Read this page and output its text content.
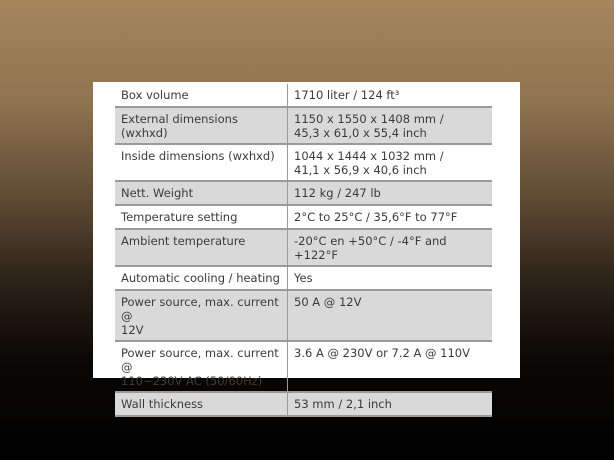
Box volume	1710 liter / 124 ft³
External dimensions (wxhxd)	1150 x 1550 x 1408 mm /
45,3 x 61,0 x 55,4 inch
Inside dimensions (wxhxd)	1044 x 1444 x 1032 mm /
41,1 x 56,9 x 40,6 inch
Nett. Weight	112 kg / 247 lb
Temperature setting	2°C to 25°C / 35,6°F to 77°F
Ambient temperature	-20°C en +50°C / -4°F and +122°F
Automatic cooling / heating	Yes
Power source, max. current @
12V	50 A @ 12V
Power source, max. current @
110~230V AC (50/60Hz)	3.6 A @ 230V or 7.2 A @ 110V
Wall thickness	53 mm / 2,1 inch
